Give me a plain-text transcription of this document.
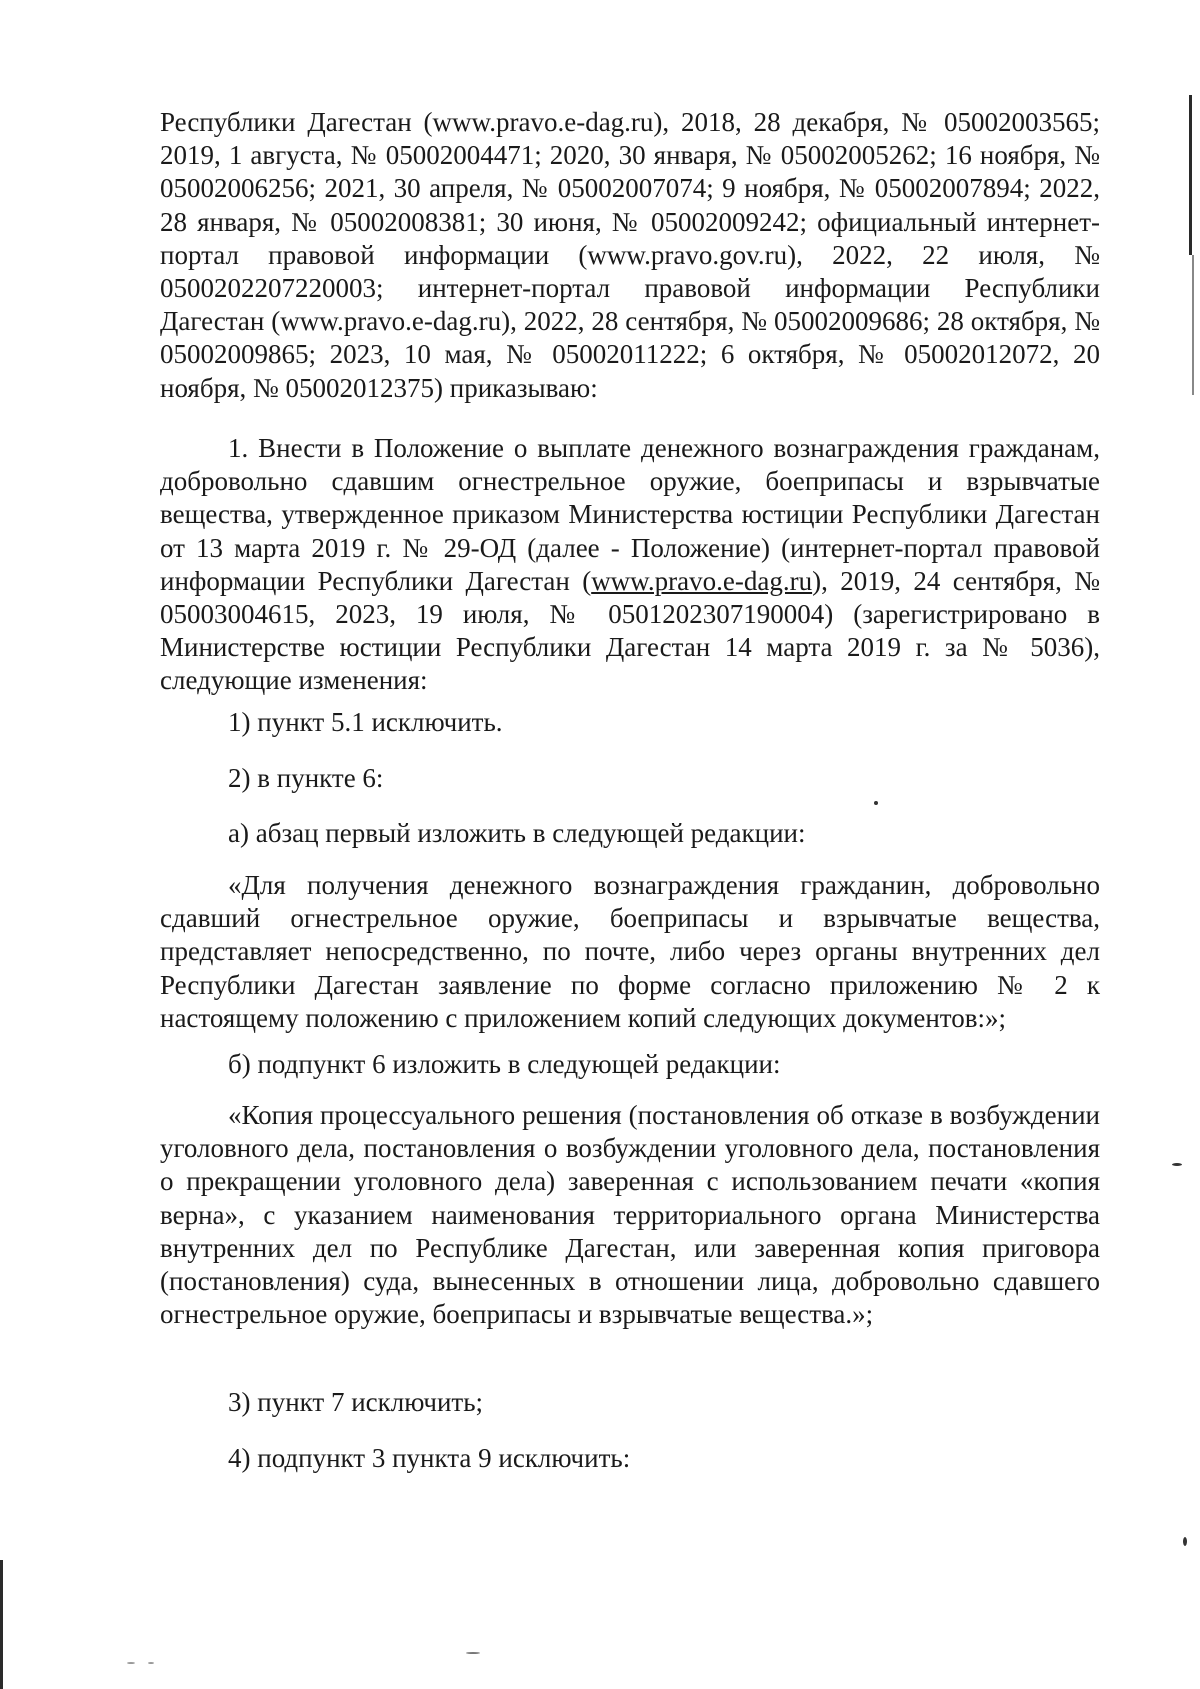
Республики Дагестан (www.pravo.e-dag.ru), 2018, 28 декабря, № 05002003565; 2019, 1 августа, № 05002004471; 2020, 30 января, № 05002005262; 16 ноября, № 05002006256; 2021, 30 апреля, № 05002007074; 9 ноября, № 05002007894; 2022, 28 января, № 05002008381; 30 июня, № 05002009242; официальный интернет-портал правовой информации (www.pravo.gov.ru), 2022, 22 июля, № 0500202207220003; интернет-портал правовой информации Республики Дагестан (www.pravo.e-dag.ru), 2022, 28 сентября, № 05002009686; 28 октября, № 05002009865; 2023, 10 мая, № 05002011222; 6 октября, № 05002012072, 20 ноября, № 05002012375) приказываю:

1. Внести в Положение о выплате денежного вознаграждения гражданам, добровольно сдавшим огнестрельное оружие, боеприпасы и взрывчатые вещества, утвержденное приказом Министерства юстиции Республики Дагестан от 13 марта 2019 г. № 29-ОД (далее - Положение) (интернет-портал правовой информации Республики Дагестан (www.pravo.e-dag.ru), 2019, 24 сентября, № 05003004615, 2023, 19 июля, № 0501202307190004) (зарегистрировано в Министерстве юстиции Республики Дагестан 14 марта 2019 г. за № 5036), следующие изменения:

1) пункт 5.1 исключить.
2) в пункте 6:
а) абзац первый изложить в следующей редакции:

«Для получения денежного вознаграждения гражданин, добровольно сдавший огнестрельное оружие, боеприпасы и взрывчатые вещества, представляет непосредственно, по почте, либо через органы внутренних дел Республики Дагестан заявление по форме согласно приложению № 2 к настоящему положению с приложением копий следующих документов:»;

б) подпункт 6 изложить в следующей редакции:

«Копия процессуального решения (постановления об отказе в возбуждении уголовного дела, постановления о возбуждении уголовного дела, постановления о прекращении уголовного дела) заверенная с использованием печати «копия верна», с указанием наименования территориального органа Министерства внутренних дел по Республике Дагестан, или заверенная копия приговора (постановления) суда, вынесенных в отношении лица, добровольно сдавшего огнестрельное оружие, боеприпасы и взрывчатые вещества.»;

3) пункт 7 исключить;
4) подпункт 3 пункта 9 исключить:
